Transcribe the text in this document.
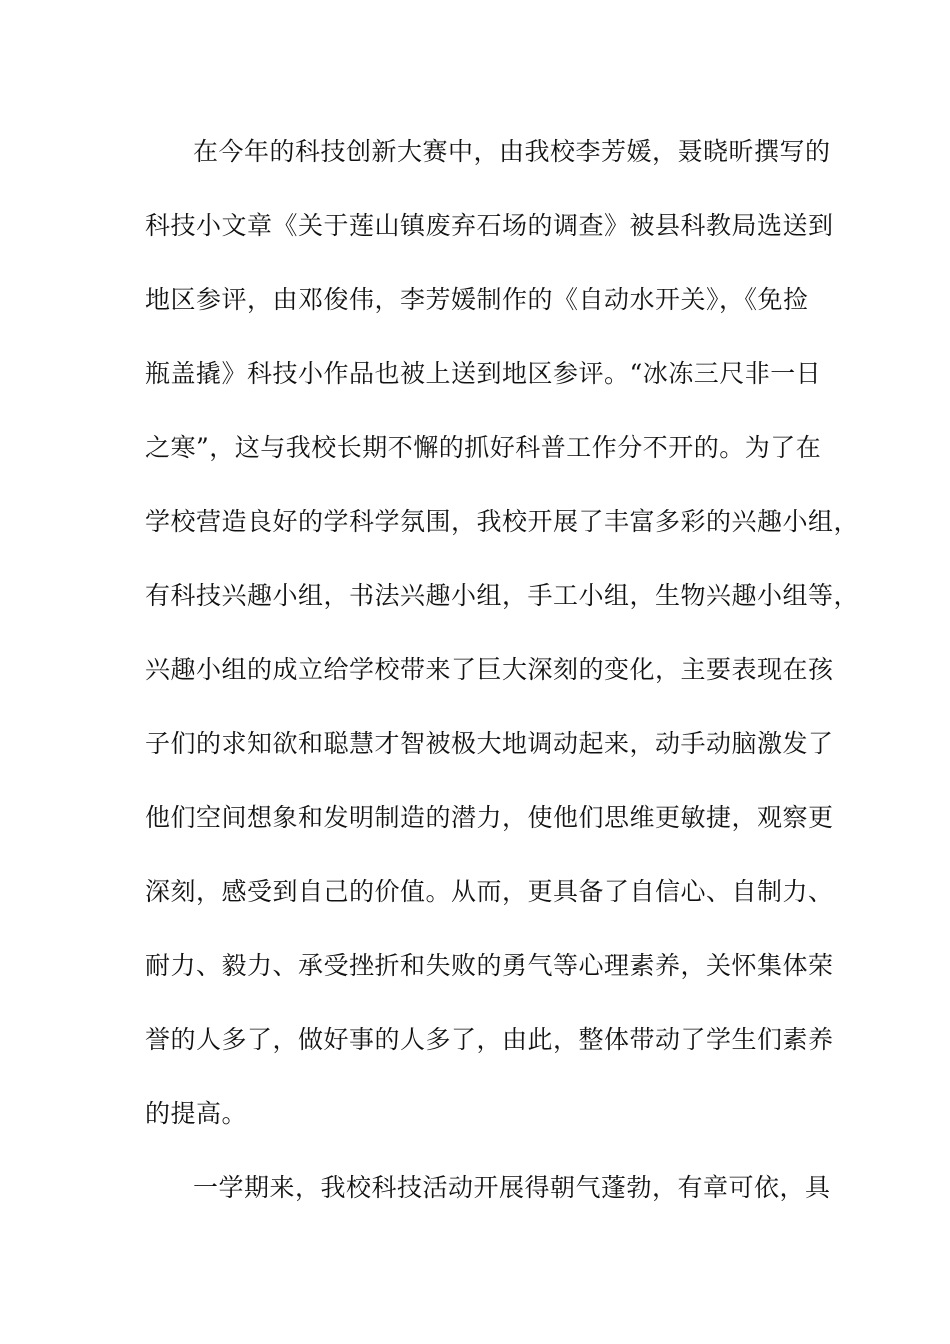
在今年的科技创新大赛中，由我校李芳媛，聂晓昕撰写的
科技小文章《关于莲山镇废弃石场的调查》被县科教局选送到
地区参评，由邓俊伟，李芳媛制作的《自动水开关》，《免捡
瓶盖撬》科技小作品也被上送到地区参评。“冰冻三尺非一日
之寒”，这与我校长期不懈的抓好科普工作分不开的。为了在
学校营造良好的学科学氛围，我校开展了丰富多彩的兴趣小组，
有科技兴趣小组，书法兴趣小组，手工小组，生物兴趣小组等，
兴趣小组的成立给学校带来了巨大深刻的变化，主要表现在孩
子们的求知欲和聪慧才智被极大地调动起来，动手动脑激发了
他们空间想象和发明制造的潜力，使他们思维更敏捷，观察更
深刻，感受到自己的价值。从而，更具备了自信心、自制力、
耐力、毅力、承受挫折和失败的勇气等心理素养，关怀集体荣
誉的人多了，做好事的人多了，由此，整体带动了学生们素养
的提高。
一学期来，我校科技活动开展得朝气蓬勃，有章可依，具
